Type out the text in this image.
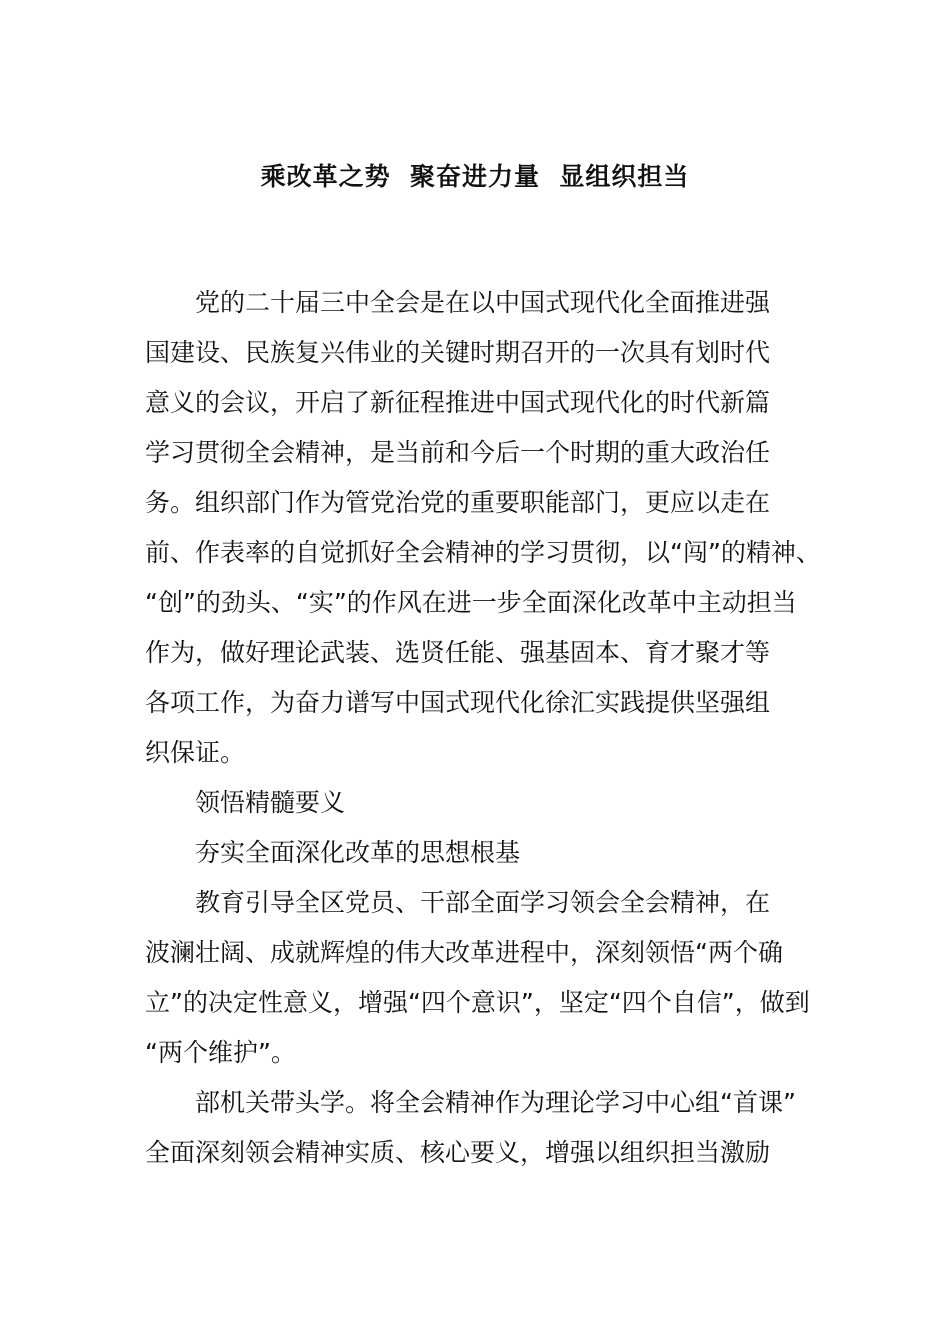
乘改革之势  聚奋进力量  显组织担当
党的二十届三中全会是在以中国式现代化全面推进强
国建设、民族复兴伟业的关键时期召开的一次具有划时代
意义的会议，开启了新征程推进中国式现代化的时代新篇
学习贯彻全会精神，是当前和今后一个时期的重大政治任
务。组织部门作为管党治党的重要职能部门，更应以走在
前、作表率的自觉抓好全会精神的学习贯彻，以“闯”的精神、
“创”的劲头、“实”的作风在进一步全面深化改革中主动担当
作为，做好理论武装、选贤任能、强基固本、育才聚才等
各项工作，为奋力谱写中国式现代化徐汇实践提供坚强组
织保证。
领悟精髓要义
夯实全面深化改革的思想根基
教育引导全区党员、干部全面学习领会全会精神，在
波澜壮阔、成就辉煌的伟大改革进程中，深刻领悟“两个确
立”的决定性意义，增强“四个意识”，坚定“四个自信”，做到
“两个维护”。
部机关带头学。将全会精神作为理论学习中心组“首课”
全面深刻领会精神实质、核心要义，增强以组织担当激励
